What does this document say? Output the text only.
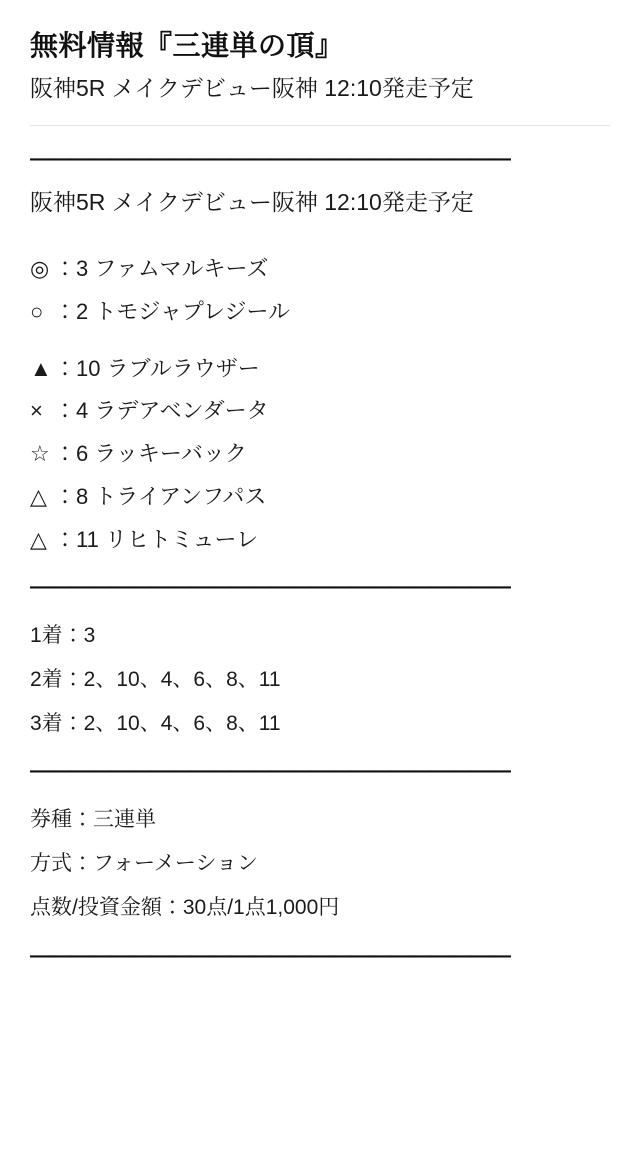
無料情報『三連単の頂』
阪神5R メイクデビュー阪神 12:10発走予定
――――――――――――――――――――――――
阪神5R メイクデビュー阪神 12:10発走予定
◎ ：3 ファムマルキーズ
○ ：2 トモジャプレジール
▲ ：10 ラブルラウザー
× ：4 ラデアベンダータ
☆ ：6 ラッキーバック
△ ：8 トライアンフパス
△ ：11 リヒトミューレ
――――――――――――――――――――――――
1着：3
2着：2、10、4、6、8、11
3着：2、10、4、6、8、11
――――――――――――――――――――――――
券種：三連単
方式：フォーメーション
点数/投資金額：30点/1点1,000円
――――――――――――――――――――――――
